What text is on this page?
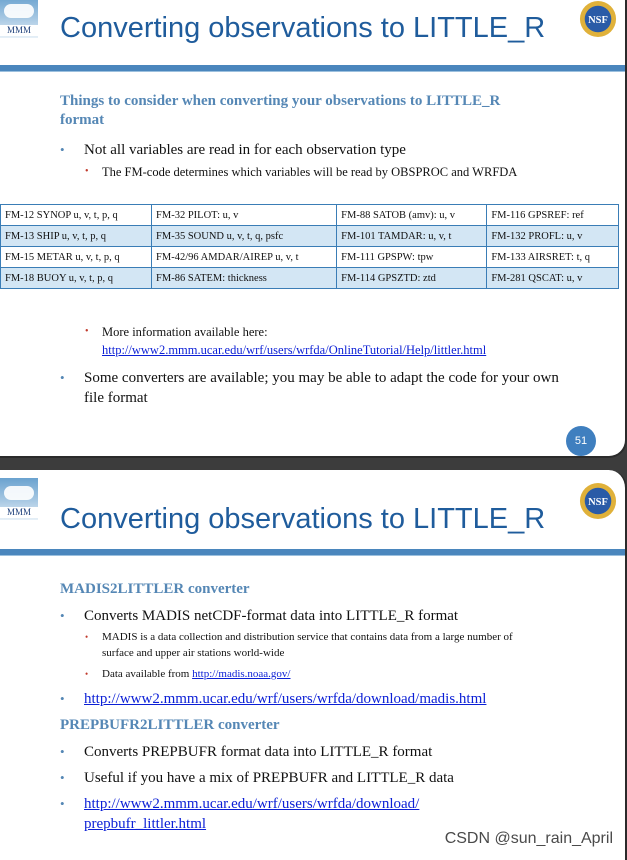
MMM
NSF
Converting observations to LITTLE_R
Things to consider when converting your observations to LITTLE_R
format
• Not all variables are read in for each observation type
• The FM-code determines which variables will be read by OBSPROC and WRFDA
FM-12 SYNOP u, v, t, p, q	FM-32 PILOT: u, v	FM-88 SATOB (amv): u, v	FM-116 GPSREF: ref
FM-13 SHIP u, v, t, p, q	FM-35 SOUND u, v, t, q, psfc	FM-101 TAMDAR: u, v, t	FM-132 PROFL: u, v
FM-15 METAR u, v, t, p, q	FM-42/96 AMDAR/AIREP u, v, t	FM-111 GPSPW: tpw	FM-133 AIRSRET: t, q
FM-18 BUOY u, v, t, p, q	FM-86 SATEM: thickness	FM-114 GPSZTD: ztd	FM-281 QSCAT: u, v
• More information available here:
http://www2.mmm.ucar.edu/wrf/users/wrfda/OnlineTutorial/Help/littler.html
• Some converters are available; you may be able to adapt the code for your own
file format
51
MMM
NSF
Converting observations to LITTLE_R
MADIS2LITTLER converter
• Converts MADIS netCDF-format data into LITTLE_R format
• MADIS is a data collection and distribution service that contains data from a large number of
surface and upper air stations world-wide
• Data available from http://madis.noaa.gov/
• http://www2.mmm.ucar.edu/wrf/users/wrfda/download/madis.html
PREPBUFR2LITTLER converter
• Converts PREPBUFR format data into LITTLE_R format
• Useful if you have a mix of PREPBUFR and LITTLE_R data
• http://www2.mmm.ucar.edu/wrf/users/wrfda/download/
prepbufr_littler.html
CSDN @sun_rain_April
